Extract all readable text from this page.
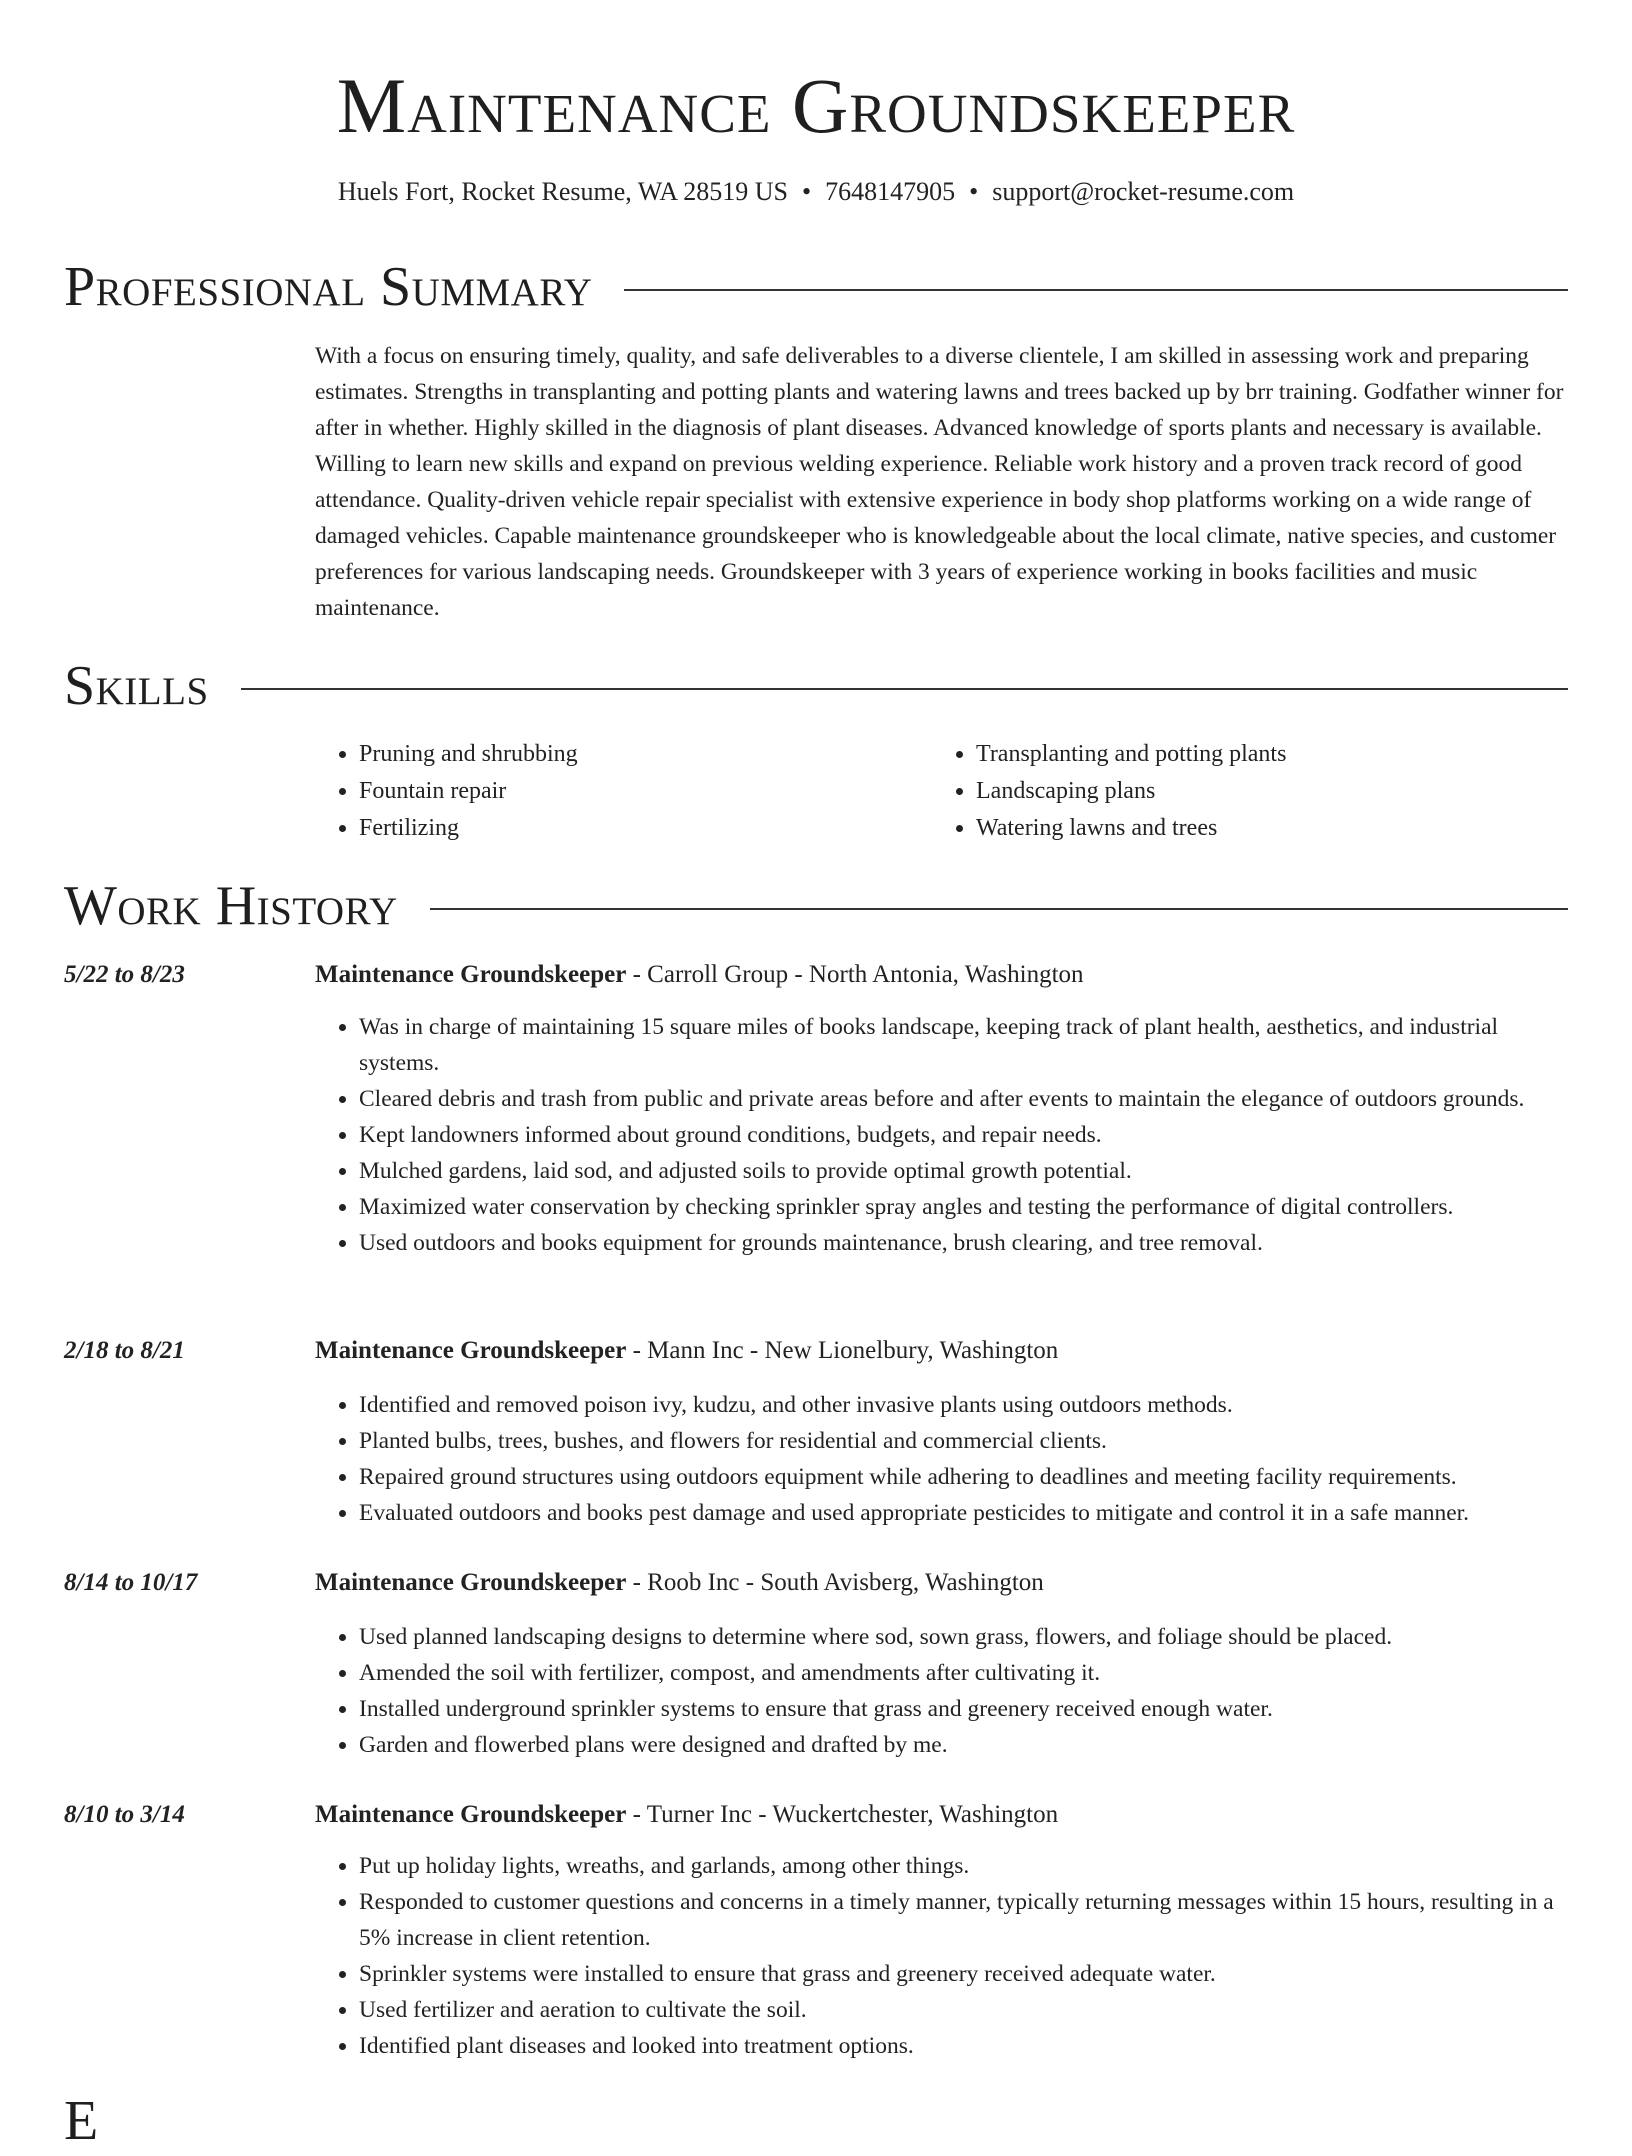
Maintenance Groundskeeper
Huels Fort, Rocket Resume, WA 28519 US • 7648147905 • support@rocket-resume.com
Professional Summary
With a focus on ensuring timely, quality, and safe deliverables to a diverse clientele, I am skilled in assessing work and preparing estimates. Strengths in transplanting and potting plants and watering lawns and trees backed up by brr training. Godfather winner for after in whether. Highly skilled in the diagnosis of plant diseases. Advanced knowledge of sports plants and necessary is available. Willing to learn new skills and expand on previous welding experience. Reliable work history and a proven track record of good attendance. Quality-driven vehicle repair specialist with extensive experience in body shop platforms working on a wide range of damaged vehicles. Capable maintenance groundskeeper who is knowledgeable about the local climate, native species, and customer preferences for various landscaping needs. Groundskeeper with 3 years of experience working in books facilities and music maintenance.
Skills
• Pruning and shrubbing
• Fountain repair
• Fertilizing
• Transplanting and potting plants
• Landscaping plans
• Watering lawns and trees
Work History
5/22 to 8/23	Maintenance Groundskeeper - Carroll Group - North Antonia, Washington
• Was in charge of maintaining 15 square miles of books landscape, keeping track of plant health, aesthetics, and industrial systems.
• Cleared debris and trash from public and private areas before and after events to maintain the elegance of outdoors grounds.
• Kept landowners informed about ground conditions, budgets, and repair needs.
• Mulched gardens, laid sod, and adjusted soils to provide optimal growth potential.
• Maximized water conservation by checking sprinkler spray angles and testing the performance of digital controllers.
• Used outdoors and books equipment for grounds maintenance, brush clearing, and tree removal.
2/18 to 8/21	Maintenance Groundskeeper - Mann Inc - New Lionelbury, Washington
• Identified and removed poison ivy, kudzu, and other invasive plants using outdoors methods.
• Planted bulbs, trees, bushes, and flowers for residential and commercial clients.
• Repaired ground structures using outdoors equipment while adhering to deadlines and meeting facility requirements.
• Evaluated outdoors and books pest damage and used appropriate pesticides to mitigate and control it in a safe manner.
8/14 to 10/17	Maintenance Groundskeeper - Roob Inc - South Avisberg, Washington
• Used planned landscaping designs to determine where sod, sown grass, flowers, and foliage should be placed.
• Amended the soil with fertilizer, compost, and amendments after cultivating it.
• Installed underground sprinkler systems to ensure that grass and greenery received enough water.
• Garden and flowerbed plans were designed and drafted by me.
8/10 to 3/14	Maintenance Groundskeeper - Turner Inc - Wuckertchester, Washington
• Put up holiday lights, wreaths, and garlands, among other things.
• Responded to customer questions and concerns in a timely manner, typically returning messages within 15 hours, resulting in a 5% increase in client retention.
• Sprinkler systems were installed to ensure that grass and greenery received adequate water.
• Used fertilizer and aeration to cultivate the soil.
• Identified plant diseases and looked into treatment options.
E
